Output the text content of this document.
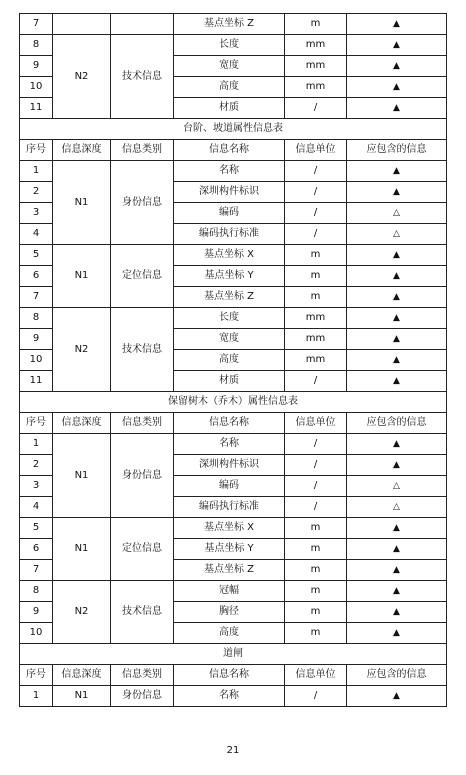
7			基点坐标 Z	m	▲
8	N2	技术信息	长度	mm	▲
9			宽度	mm	▲
10			高度	mm	▲
11			材质	/	▲
台阶、坡道属性信息表					
序号	信息深度	信息类别	信息名称	信息单位	应包含的信息
1	N1	身份信息	名称	/	▲
2			深圳构件标识	/	▲
3			编码	/	△
4			编码执行标准	/	△
5	N1	定位信息	基点坐标 X	m	▲
6			基点坐标 Y	m	▲
7			基点坐标 Z	m	▲
8	N2	技术信息	长度	mm	▲
9			宽度	mm	▲
10			高度	mm	▲
11			材质	/	▲
保留树木（乔木）属性信息表					
序号	信息深度	信息类别	信息名称	信息单位	应包含的信息
1	N1	身份信息	名称	/	▲
2			深圳构件标识	/	▲
3			编码	/	△
4			编码执行标准	/	△
5	N1	定位信息	基点坐标 X	m	▲
6			基点坐标 Y	m	▲
7			基点坐标 Z	m	▲
8	N2	技术信息	冠幅	m	▲
9			胸径	m	▲
10			高度	m	▲
道闸					
序号	信息深度	信息类别	信息名称	信息单位	应包含的信息
1	N1	身份信息	名称	/	▲
21
